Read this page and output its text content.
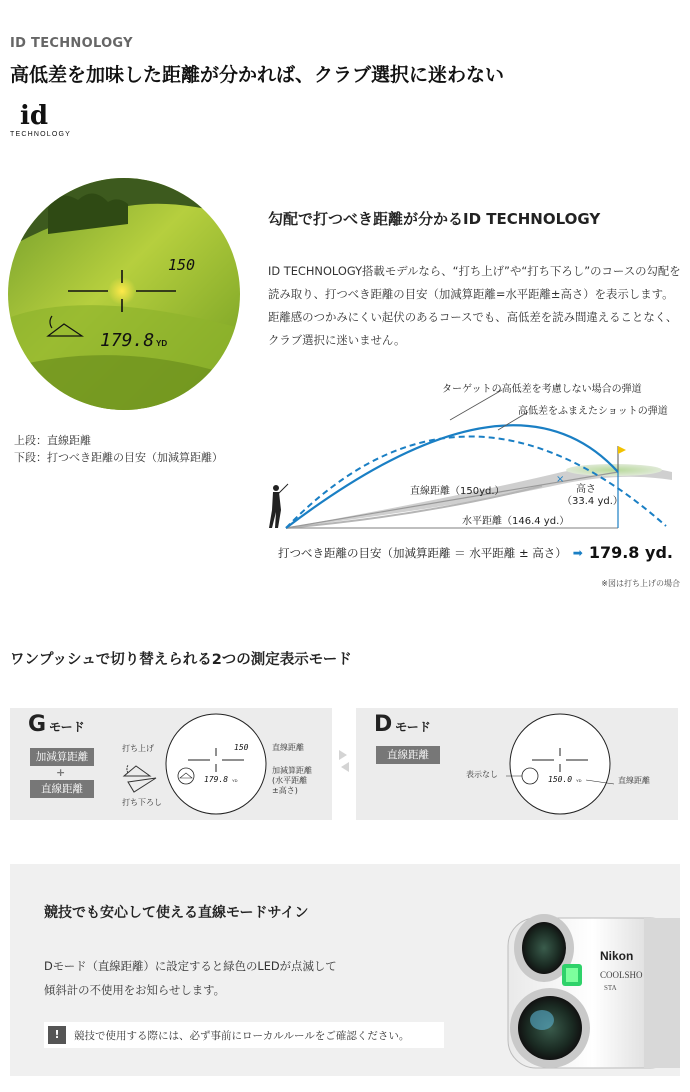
ID TECHNOLOGY
高低差を加味した距離が分かれば、クラブ選択に迷わない
id
TECHNOLOGY
150
179.8 YD
上段：直線距離
下段：打つべき距離の目安（加減算距離）
勾配で打つべき距離が分かるID TECHNOLOGY
ID TECHNOLOGY搭載モデルなら、“打ち上げ”や“打ち下ろし”のコースの勾配を読み取り、打つべき距離の目安（加減算距離=水平距離±高さ）を表示します。距離感のつかみにくい起伏のあるコースでも、高低差を読み間違えることなく、クラブ選択に迷いません。
×
ターゲットの高低差を考慮しない場合の弾道
高低差をふまえたショットの弾道
直線距離（150yd.）	高さ
（33.4 yd.）
水平距離（146.4 yd.）
打つべき距離の目安（加減算距離 ＝ 水平距離 ± 高さ） ➡ 179.8 yd.
※図は打ち上げの場合
ワンプッシュで切り替えられる2つの測定表示モード
G モード
加減算距離
+
直線距離
打ち上げ
打ち下ろし
150
179.8 YD
直線距離
加減算距離
(水平距離
±高さ)
D モード
直線距離
表示なし
150.0 YD	直線距離
競技でも安心して使える直線モードサイン
Dモード（直線距離）に設定すると緑色のLEDが点滅して
傾斜計の不使用をお知らせします。
!	競技で使用する際には、必ず事前にローカルルールをご確認ください。
Nikon
COOLSHO
STA
